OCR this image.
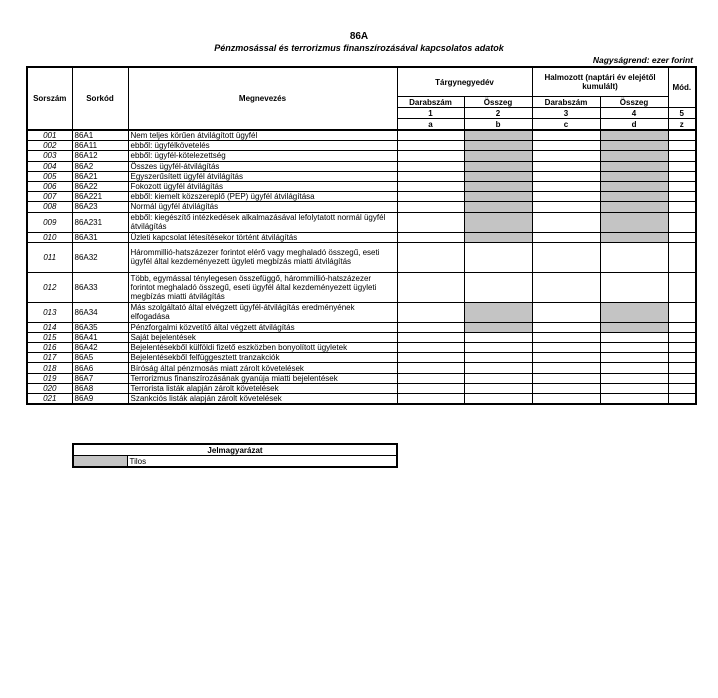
86A
Pénzmosással és terrorizmus finanszírozásával kapcsolatos adatok
Nagyságrend: ezer forint
Sorszám	Sorkód	Megnevezés	Tárgynegyedév		Halmozott (naptári év elejétől kumulált)		Mód.
			Darabszám	Összeg	Darabszám	Összeg	
			1	2	3	4	5
			a	b	c	d	z
001	86A1	Nem teljes körűen átvilágított ügyfél					
002	86A11	ebből: ügyfélkövetelés					
003	86A12	ebből: ügyfél-kötelezettség					
004	86A2	Összes ügyfél-átvilágítás					
005	86A21	Egyszerűsített ügyfél átvilágítás					
006	86A22	Fokozott ügyfél átvilágítás					
007	86A221	ebből: kiemelt közszereplő (PEP) ügyfél átvilágítása					
008	86A23	Normál ügyfél átvilágítás					
009	86A231	ebből: kiegészítő intézkedések alkalmazásával lefolytatott normál ügyfél átvilágítás					
010	86A31	Üzleti kapcsolat létesítésekor történt átvilágítás					
011	86A32	Hárommillió-hatszázezer forintot elérő vagy meghaladó összegű, eseti ügyfél által kezdeményezett ügyleti megbízás miatti átvilágítás					
012	86A33	Több, egymással ténylegesen összefüggő, hárommillió-hatszázezer forintot meghaladó összegű, eseti ügyfél által kezdeményezett ügyleti megbízás miatti átvilágítás					
013	86A34	Más szolgáltató által elvégzett ügyfél-átvilágítás eredményének elfogadása					
014	86A35	Pénzforgalmi közvetítő által végzett átvilágítás					
015	86A41	Saját bejelentések					
016	86A42	Bejelentésekből külföldi fizető eszközben bonyolított ügyletek					
017	86A5	Bejelentésekből felfüggesztett tranzakciók					
018	86A6	Bíróság által pénzmosás miatt zárolt követelések					
019	86A7	Terrorizmus finanszírozásának gyanúja miatti bejelentések					
020	86A8	Terrorista listák alapján zárolt követelések					
021	86A9	Szankciós listák alapján zárolt követelések					
Jelmagyarázat
	Tilos
